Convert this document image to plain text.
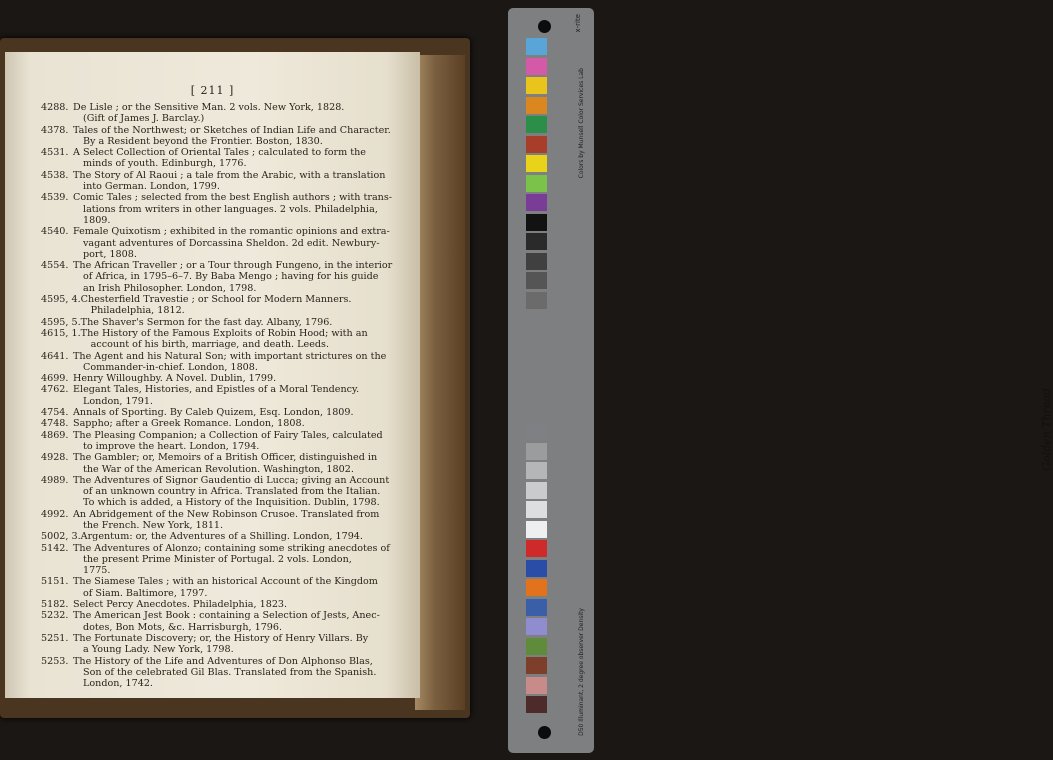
[ 211 ]
4288. De Lisle ; or the Sensitive Man. 2 vols. New York, 1828.
(Gift of James J. Barclay.)
4378. Tales of the Northwest; or Sketches of Indian Life and Character.
By a Resident beyond the Frontier. Boston, 1830.
4531. A Select Collection of Oriental Tales ; calculated to form the
minds of youth. Edinburgh, 1776.
4538. The Story of Al Raoui ; a tale from the Arabic, with a translation
into German. London, 1799.
4539. Comic Tales ; selected from the best English authors ; with trans-
lations from writers in other languages. 2 vols. Philadelphia,
1809.
4540. Female Quixotism ; exhibited in the romantic opinions and extra-
vagant adventures of Dorcassina Sheldon. 2d edit. Newbury-
port, 1808.
4554. The African Traveller ; or a Tour through Fungeno, in the interior
of Africa, in 1795–6–7. By Baba Mengo ; having for his guide
an Irish Philosopher. London, 1798.
4595, 4. Chesterfield Travestie ; or School for Modern Manners.
Philadelphia, 1812.
4595, 5. The Shaver's Sermon for the fast day. Albany, 1796.
4615, 1. The History of the Famous Exploits of Robin Hood; with an
account of his birth, marriage, and death. Leeds.
4641. The Agent and his Natural Son; with important strictures on the
Commander-in-chief. London, 1808.
4699. Henry Willoughby. A Novel. Dublin, 1799.
4762. Elegant Tales, Histories, and Epistles of a Moral Tendency.
London, 1791.
4754. Annals of Sporting. By Caleb Quizem, Esq. London, 1809.
4748. Sappho; after a Greek Romance. London, 1808.
4869. The Pleasing Companion; a Collection of Fairy Tales, calculated
to improve the heart. London, 1794.
4928. The Gambler; or, Memoirs of a British Officer, distinguished in
the War of the American Revolution. Washington, 1802.
4989. The Adventures of Signor Gaudentio di Lucca; giving an Account
of an unknown country in Africa. Translated from the Italian.
To which is added, a History of the Inquisition. Dublin, 1798.
4992. An Abridgement of the New Robinson Crusoe. Translated from
the French. New York, 1811.
5002, 3. Argentum: or, the Adventures of a Shilling. London, 1794.
5142. The Adventures of Alonzo; containing some striking anecdotes of
the present Prime Minister of Portugal. 2 vols. London,
1775.
5151. The Siamese Tales ; with an historical Account of the Kingdom
of Siam. Baltimore, 1797.
5182. Select Percy Anecdotes. Philadelphia, 1823.
5232. The American Jest Book : containing a Selection of Jests, Anec-
dotes, Bon Mots, &c. Harrisburgh, 1796.
5251. The Fortunate Discovery; or, the History of Henry Villars. By
a Young Lady. New York, 1798.
5253. The History of the Life and Adventures of Don Alphonso Blas,
Son of the celebrated Gil Blas. Translated from the Spanish.
London, 1742.
Colors by Munsell Color Services Lab
D50 Illuminant, 2 degree observer Density
Golden Thread
x-rite
